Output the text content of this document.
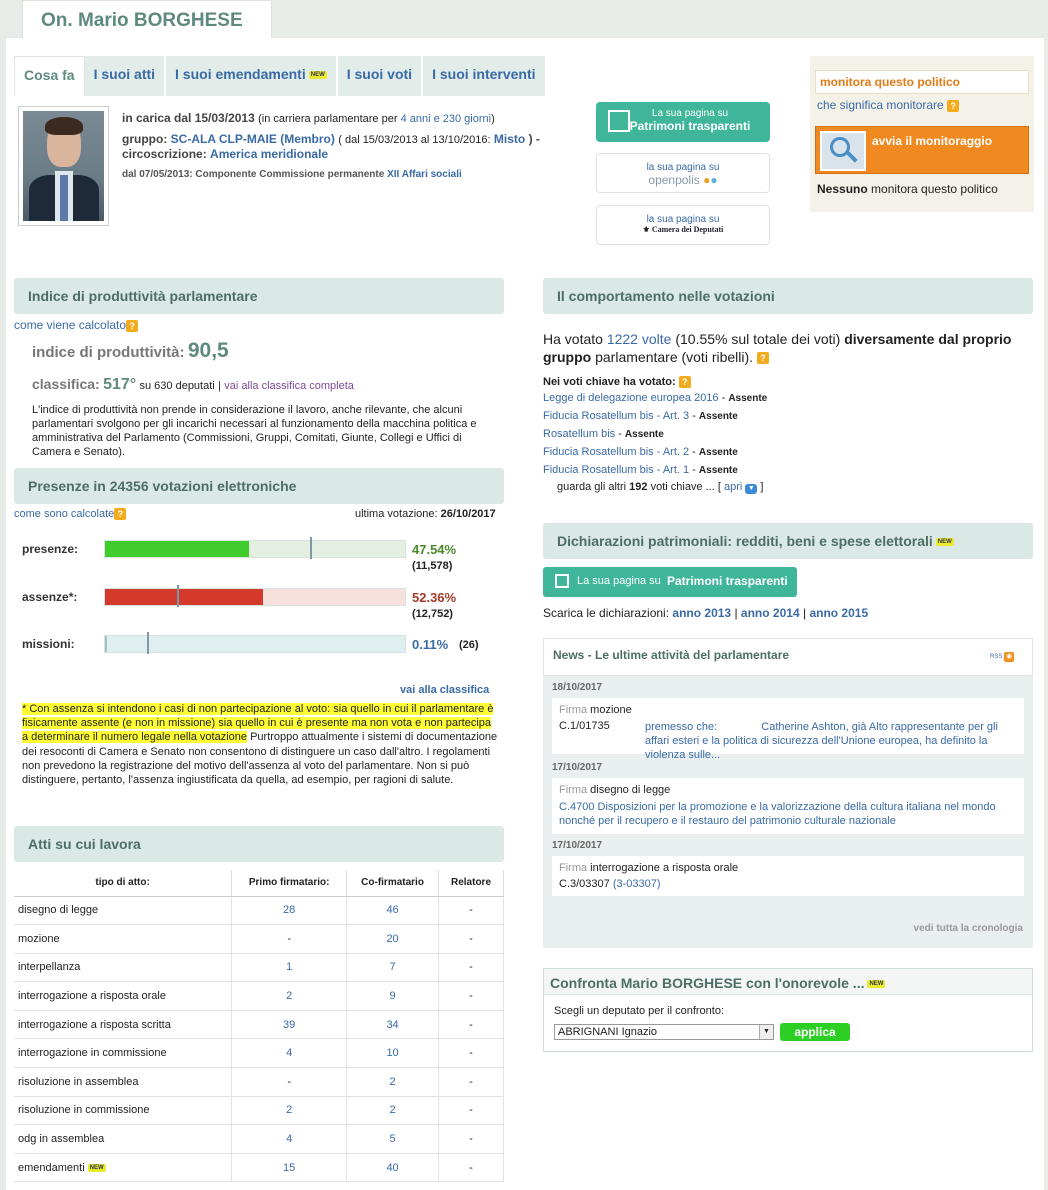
On. Mario BORGHESE
Cosa fa	I suoi atti	I suoi emendamenti NEW	I suoi voti	I suoi interventi
in carica dal 15/03/2013 (in carriera parlamentare per 4 anni e 230 giorni)
gruppo: SC-ALA CLP-MAIE (Membro) ( dal 15/03/2013 al 13/10/2016: Misto ) -
circoscrizione: America meridionale
dal 07/05/2013: Componente Commissione permanente XII Affari sociali
La sua pagina su
Patrimoni trasparenti
la sua pagina su
openpolis ●●
la sua pagina su
⚜ Camera dei Deputati
monitora questo politico
che significa monitorare ?
avvia il monitoraggio
Nessuno monitora questo politico
Indice di produttività parlamentare
come viene calcolato ?
indice di produttività: 90,5
classifica: 517° su 630 deputati | vai alla classifica completa
L'indice di produttività non prende in considerazione il lavoro, anche rilevante, che alcuni parlamentari svolgono per gli incarichi necessari al funzionamento della macchina politica e amministrativa del Parlamento (Commissioni, Gruppi, Comitati, Giunte, Collegi e Uffici di Camera e Senato).
Presenze in 24356 votazioni elettroniche
come sono calcolate ?	ultima votazione: 26/10/2017
presenze:	47.54%
(11,578)
assenze*:	52.36%
(12,752)
missioni:	0.11% (26)
vai alla classifica
* Con assenza si intendono i casi di non partecipazione al voto: sia quello in cui il parlamentare è fisicamente assente (e non in missione) sia quello in cui è presente ma non vota e non partecipa a determinare il numero legale nella votazione Purtroppo attualmente i sistemi di documentazione dei resoconti di Camera e Senato non consentono di distinguere un caso dall'altro. I regolamenti non prevedono la registrazione del motivo dell'assenza al voto del parlamentare. Non si può distinguere, pertanto, l'assenza ingiustificata da quella, ad esempio, per ragioni di salute.
Atti su cui lavora
tipo di atto:	Primo firmatario:	Co-firmatario	Relatore
disegno di legge	28	46	-
mozione	-	20	-
interpellanza	1	7	-
interrogazione a risposta orale	2	9	-
interrogazione a risposta scritta	39	34	-
interrogazione in commissione	4	10	-
risoluzione in assemblea	-	2	-
risoluzione in commissione	2	2	-
odg in assemblea	4	5	-
emendamenti NEW	15	40	-
Il comportamento nelle votazioni
Ha votato 1222 volte (10.55% sul totale dei voti) diversamente dal proprio gruppo parlamentare (voti ribelli). ?
Nei voti chiave ha votato: ?
Legge di delegazione europea 2016 - Assente
Fiducia Rosatellum bis - Art. 3 - Assente
Rosatellum bis - Assente
Fiducia Rosatellum bis - Art. 2 - Assente
Fiducia Rosatellum bis - Art. 1 - Assente
guarda gli altri 192 voti chiave ... [ apri ▼ ]
Dichiarazioni patrimoniali: redditi, beni e spese elettorali NEW
La sua pagina su Patrimoni trasparenti
Scarica le dichiarazioni: anno 2013 | anno 2014 | anno 2015
News - Le ultime attività del parlamentare	RSS ◉
18/10/2017
Firma mozione
C.1/01735	premesso che:	Catherine Ashton, già Alto rappresentante per gli affari esteri e la politica di sicurezza dell'Unione europea, ha definito la violenza sulle...
17/10/2017
Firma disegno di legge
C.4700 Disposizioni per la promozione e la valorizzazione della cultura italiana nel mondo nonché per il recupero e il restauro del patrimonio culturale nazionale
17/10/2017
Firma interrogazione a risposta orale
C.3/03307 (3-03307)
vedi tutta la cronologia
Confronta Mario BORGHESE con l'onorevole ... NEW
Scegli un deputato per il confronto:
ABRIGNANI Ignazio	▼	applica
